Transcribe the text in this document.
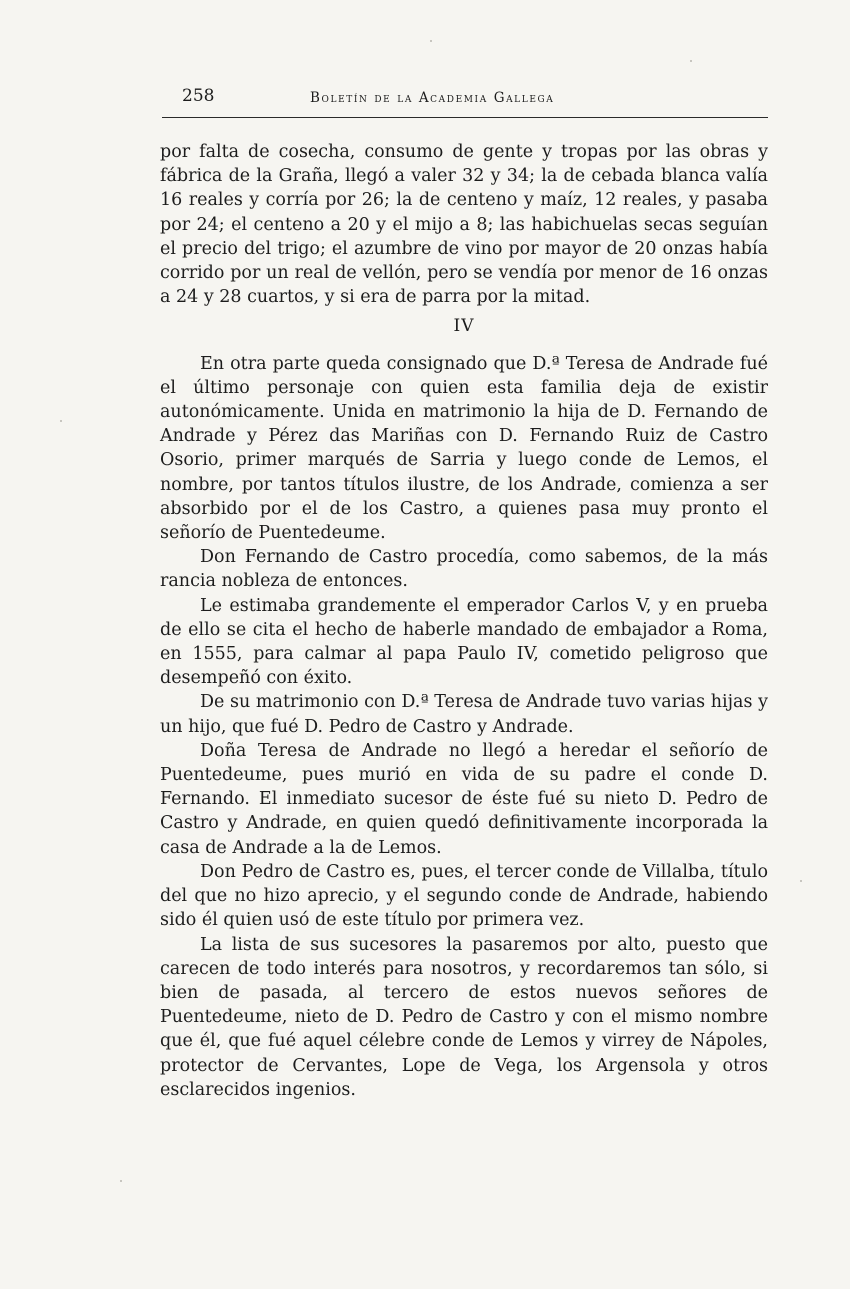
258	Boletín de la Academia Gallega

por falta de cosecha, consumo de gente y tropas por las obras y fábrica de la Graña, llegó a valer 32 y 34; la de cebada blanca valía 16 reales y corría por 26; la de centeno y maíz, 12 reales, y pasaba por 24; el centeno a 20 y el mijo a 8; las habichuelas secas seguían el precio del trigo; el azumbre de vino por mayor de 20 onzas había corrido por un real de vellón, pero se vendía por menor de 16 onzas a 24 y 28 cuartos, y si era de parra por la mitad.

IV

En otra parte queda consignado que D.ª Teresa de Andrade fué el último personaje con quien esta familia deja de existir autonómicamente. Unida en matrimonio la hija de D. Fernando de Andrade y Pérez das Mariñas con D. Fernando Ruiz de Castro Osorio, primer marqués de Sarria y luego conde de Lemos, el nombre, por tantos títulos ilustre, de los Andrade, comienza a ser absorbido por el de los Castro, a quienes pasa muy pronto el señorío de Puentedeume.

Don Fernando de Castro procedía, como sabemos, de la más rancia nobleza de entonces.

Le estimaba grandemente el emperador Carlos V, y en prueba de ello se cita el hecho de haberle mandado de embajador a Roma, en 1555, para calmar al papa Paulo IV, cometido peligroso que desempeñó con éxito.

De su matrimonio con D.ª Teresa de Andrade tuvo varias hijas y un hijo, que fué D. Pedro de Castro y Andrade.

Doña Teresa de Andrade no llegó a heredar el señorío de Puentedeume, pues murió en vida de su padre el conde D. Fernando. El inmediato sucesor de éste fué su nieto D. Pedro de Castro y Andrade, en quien quedó definitivamente incorporada la casa de Andrade a la de Lemos.

Don Pedro de Castro es, pues, el tercer conde de Villalba, título del que no hizo aprecio, y el segundo conde de Andrade, habiendo sido él quien usó de este título por primera vez.

La lista de sus sucesores la pasaremos por alto, puesto que carecen de todo interés para nosotros, y recordaremos tan sólo, si bien de pasada, al tercero de estos nuevos señores de Puentedeume, nieto de D. Pedro de Castro y con el mismo nombre que él, que fué aquel célebre conde de Lemos y virrey de Nápoles, protector de Cervantes, Lope de Vega, los Argensola y otros esclarecidos ingenios.
